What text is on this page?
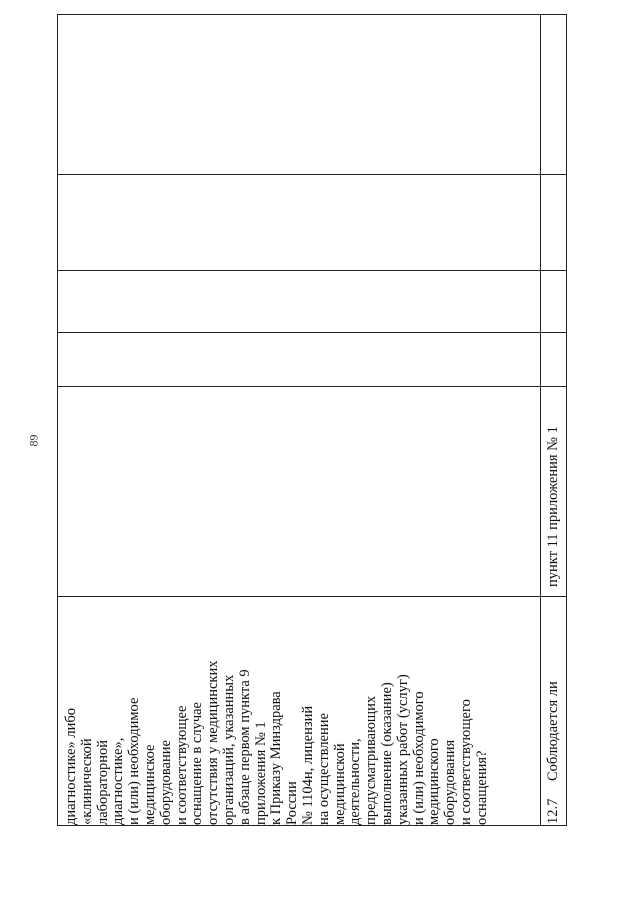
89
диагностике» либо «клинической лабораторной диагностике», и (или) необходимое медицинское оборудование и соответствующее оснащение в случае отсутствия у медицинских организаций, указанных в абзаце первом пункта 9 приложения № 1 к Приказу Минздрава России № 1104н, лицензий на осуществление медицинской деятельности, предусматривающих выполнение (оказание) указанных работ (услуг) и (или) необходимого медицинского оборудования и соответствующего оснащения?	12.7
Соблюдается ли
пункт 11 приложения № 1
